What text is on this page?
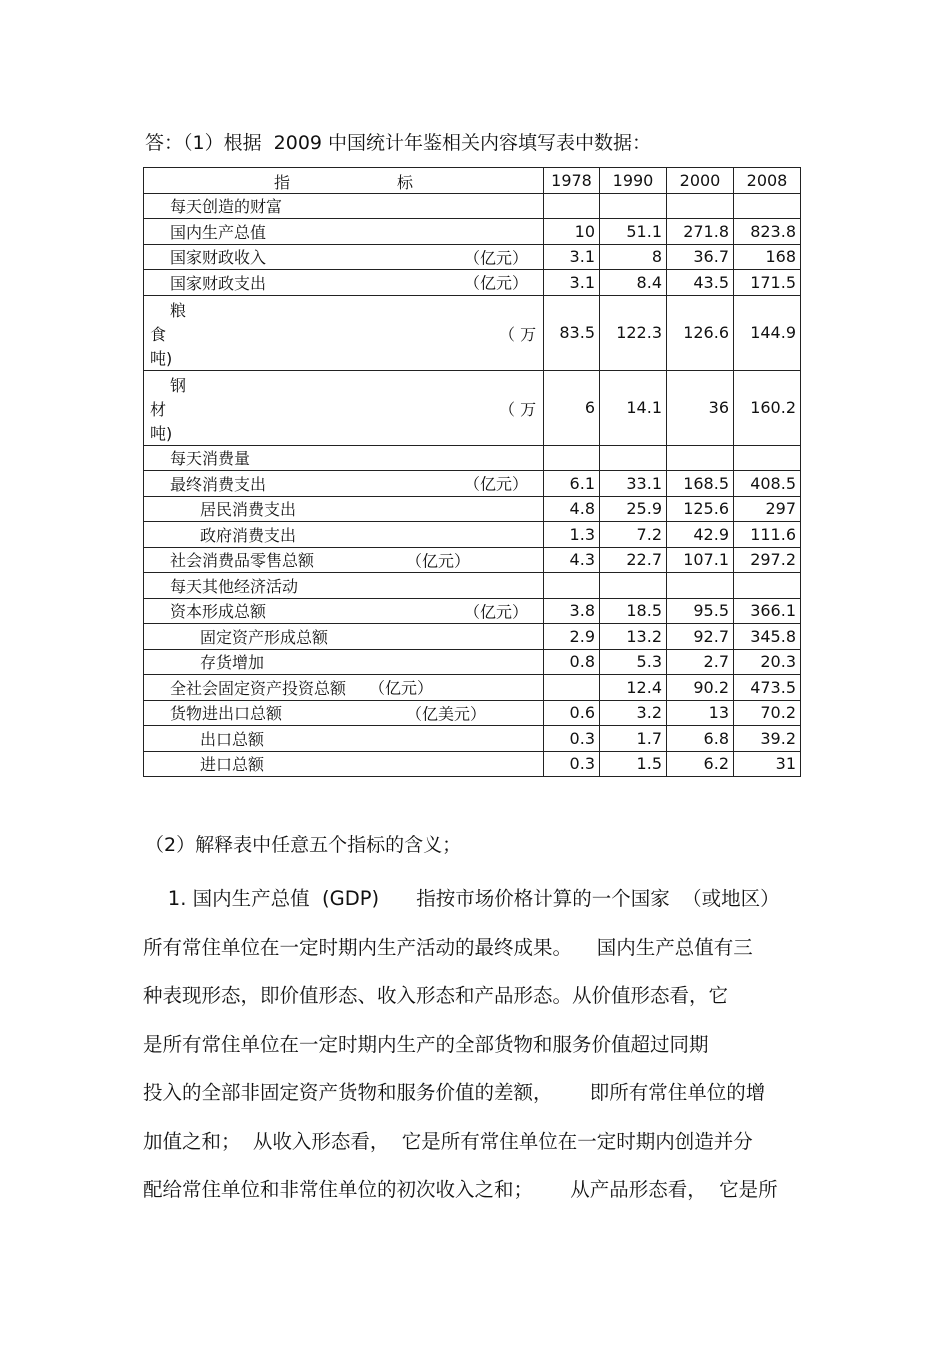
答：（1）根据  2009 中国统计年鉴相关内容填写表中数据：
指 标	1978	1990	2000	2008
每天创造的财富				
国内生产总值	10	51.1	271.8	823.8
国家财政收入 （亿元）	3.1	8	36.7	168
国家财政支出 （亿元）	3.1	8.4	43.5	171.5

粮
食 （ 万
吨)	83.5	122.3	126.6	144.9

钢
材 （ 万
吨)	6	14.1	36	160.2
每天消费量				
最终消费支出 （亿元）	6.1	33.1	168.5	408.5
居民消费支出	4.8	25.9	125.6	297
政府消费支出	1.3	7.2	42.9	111.6
社会消费品零售总额 （亿元）	4.3	22.7	107.1	297.2
每天其他经济活动				
资本形成总额 （亿元）	3.8	18.5	95.5	366.1
固定资产形成总额	2.9	13.2	92.7	345.8
存货增加	0.8	5.3	2.7	20.3
全社会固定资产投资总额 （亿元）		12.4	90.2	473.5
货物进出口总额 （亿美元）	0.6	3.2	13	70.2
出口总额	0.3	1.7	6.8	39.2
进口总额	0.3	1.5	6.2	31
（2）解释表中任意五个指标的含义；
1. 国内生产总值  (GDP)      指按市场价格计算的一个国家  （或地区）
所有常住单位在一定时期内生产活动的最终成果。    国内生产总值有三
种表现形态，即价值形态、收入形态和产品形态。从价值形态看，它
是所有常住单位在一定时期内生产的全部货物和服务价值超过同期
投入的全部非固定资产货物和服务价值的差额，      即所有常住单位的增
加值之和；  从收入形态看，  它是所有常住单位在一定时期内创造并分
配给常住单位和非常住单位的初次收入之和；      从产品形态看，  它是所
